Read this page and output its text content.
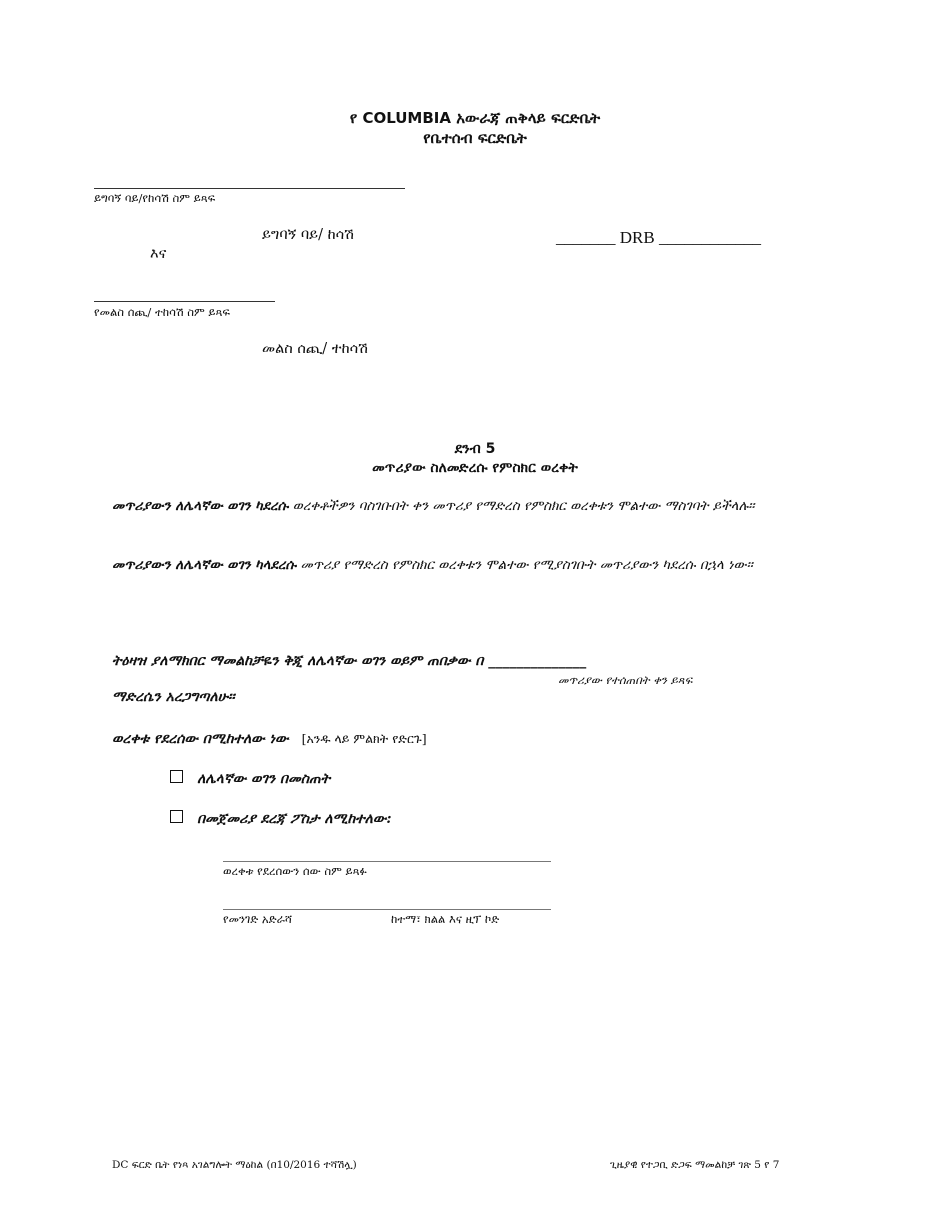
የ COLUMBIA አውራጃ ጠቅላይ ፍርድቤት
የቤተሰብ ፍርድቤት
ይግባኝ ባይ/የከሳሽ ስም ይጻፍ
ይግባኝ ባይ/ ከሳሽ
እና
_______ DRB ____________
የመልስ ሰጪ/ ተከሳሽ ስም ይጻፍ
መልስ ሰጪ/ ተከሳሽ
ደንብ 5
መጥሪያው ስለመድረሱ የምስክር ወረቀት
መጥሪያውን ለሌላኛው ወገን ካደረሱ ወረቀቶችዎን ባስገቡበት ቀን መጥሪያ የማድረስ የምስክር ወረቀቱን ሞልተው ማስገባት ይችላሉ፡፡
መጥሪያውን ለሌላኛው ወገን ካላደረሱ መጥሪያ የማድረስ የምስክር ወረቀቱን ሞልተው የሚያስገቡት መጥሪያውን ካደረሱ በኋላ ነው፡፡
ትዕዛዝ ያለማክበር ማመልከቻዬን ቅጂ ለሌላኛው ወገን ወይም ጠበቃው በ ______________
መጥሪያው የተሰጠበት ቀን ይጻፍ
ማድረሴን አረጋግጣለሁ፡፡
ወረቀቱ የደረሰው በሚከተለው ነው [አንዱ ላይ ምልክት የድርጉ]
ለሌላኛው ወገን በመስጠት
በመጀመሪያ ደረጃ ፖስታ ለሚከተለው:
ወረቀቱ የደረሰውን ሰው ስም ይጻፉ
የመንገድ አድራሻ	ከተማ፣ ክልል እና ዚፕ ኮድ
DC ፍርድ ቤት የነጻ አገልግሎት ማዕከል (በ10/2016 ተሻሽሏ)	ጊዜያዊ የተጋቢ ድጋፍ ማመልከቻ ገጽ 5 የ 7
